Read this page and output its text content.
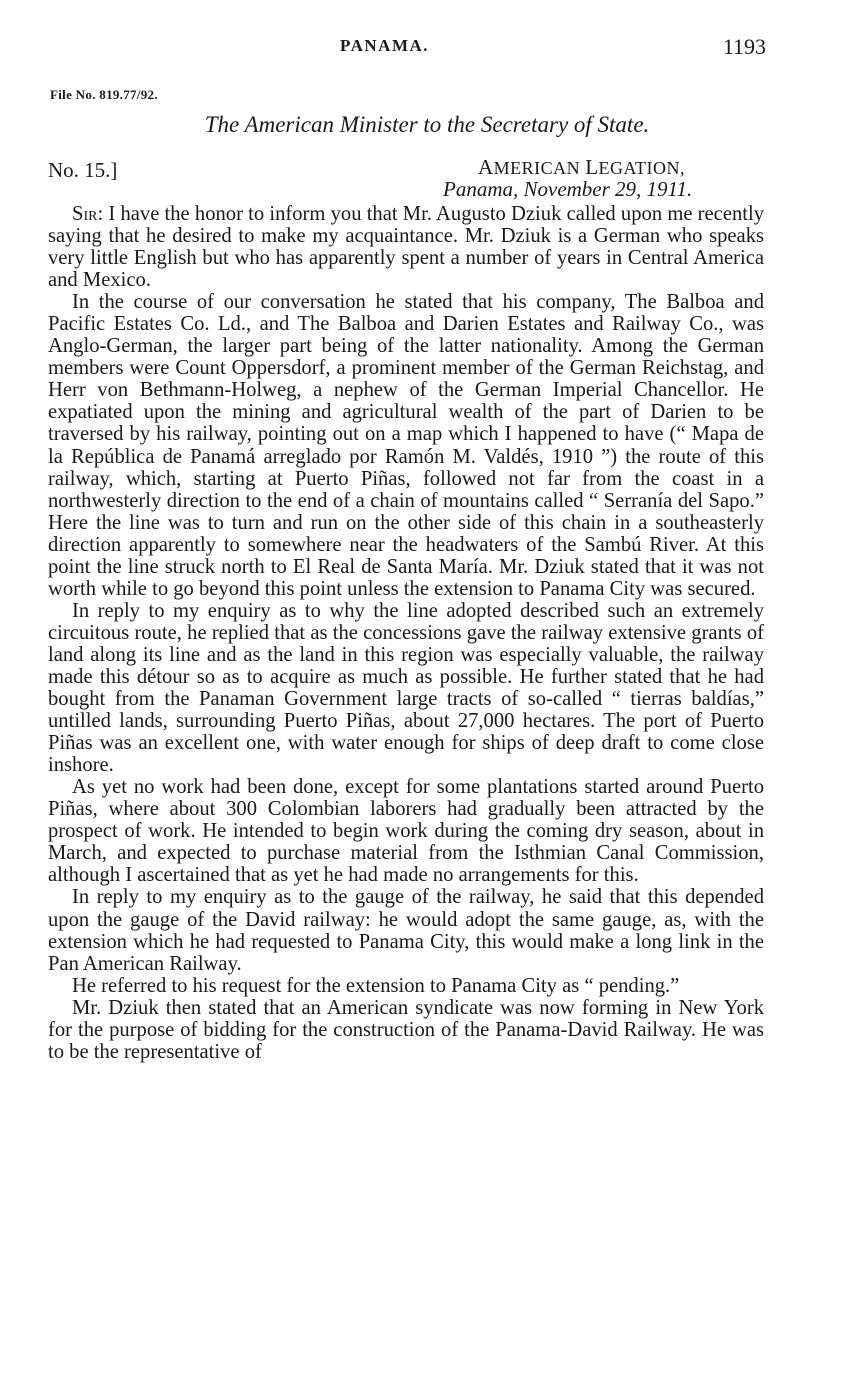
PANAMA.	1193
File No. 819.77/92.
The American Minister to the Secretary of State.
No. 15.]	AMERICAN LEGATION,
Panama, November 29, 1911.

Sir: I have the honor to inform you that Mr. Augusto Dziuk called upon me recently saying that he desired to make my acquaintance. Mr. Dziuk is a German who speaks very little English but who has apparently spent a number of years in Central America and Mexico.

In the course of our conversation he stated that his company, The Balboa and Pacific Estates Co. Ld., and The Balboa and Darien Estates and Railway Co., was Anglo-German, the larger part being of the latter nationality. Among the German members were Count Oppersdorf, a prominent member of the German Reichstag, and Herr von Bethmann-Holweg, a nephew of the German Imperial Chancellor. He expatiated upon the mining and agricultural wealth of the part of Darien to be traversed by his railway, pointing out on a map which I happened to have (“ Mapa de la República de Panamá arreglado por Ramón M. Valdés, 1910 ”) the route of this railway, which, starting at Puerto Piñas, followed not far from the coast in a northwesterly direction to the end of a chain of mountains called “ Serranía del Sapo.” Here the line was to turn and run on the other side of this chain in a southeasterly direction apparently to somewhere near the headwaters of the Sambú River. At this point the line struck north to El Real de Santa María. Mr. Dziuk stated that it was not worth while to go beyond this point unless the extension to Panama City was secured.

In reply to my enquiry as to why the line adopted described such an extremely circuitous route, he replied that as the concessions gave the railway extensive grants of land along its line and as the land in this region was especially valuable, the railway made this détour so as to acquire as much as possible. He further stated that he had bought from the Panaman Government large tracts of so-called “ tierras baldías,” untilled lands, surrounding Puerto Piñas, about 27,000 hectares. The port of Puerto Piñas was an excellent one, with water enough for ships of deep draft to come close inshore.

As yet no work had been done, except for some plantations started around Puerto Piñas, where about 300 Colombian laborers had gradually been attracted by the prospect of work. He intended to begin work during the coming dry season, about in March, and expected to purchase material from the Isthmian Canal Commission, although I ascertained that as yet he had made no arrangements for this.

In reply to my enquiry as to the gauge of the railway, he said that this depended upon the gauge of the David railway: he would adopt the same gauge, as, with the extension which he had requested to Panama City, this would make a long link in the Pan American Railway.

He referred to his request for the extension to Panama City as “ pending.”

Mr. Dziuk then stated that an American syndicate was now forming in New York for the purpose of bidding for the construction of the Panama-David Railway. He was to be the representative of
